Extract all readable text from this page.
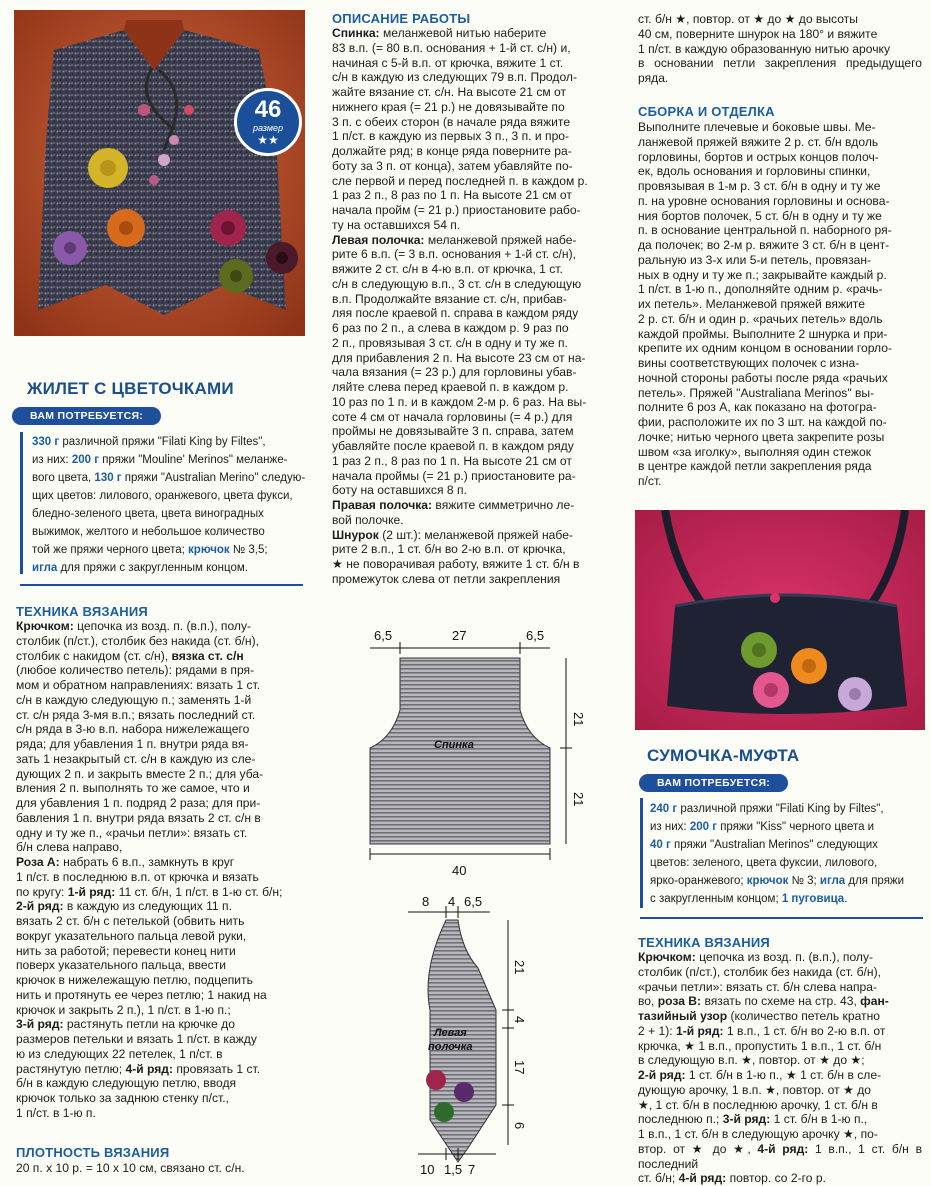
46
размер
★★
ЖИЛЕТ С ЦВЕТОЧКАМИ
ВАМ ПОТРЕБУЕТСЯ:
330 г различной пряжи "Filati King by Filtes",
из них: 200 г пряжи "Mouline' Merinos" меланже-
вого цвета, 130 г пряжи "Australian Merino" следую-
щих цветов: лилового, оранжевого, цвета фукси,
бледно-зеленого цвета, цвета виноградных
выжимок, желтого и небольшое количество
той же пряжи черного цвета; крючок № 3,5;
игла для пряжи с закругленным концом.
ТЕХНИКА ВЯЗАНИЯ

Крючком: цепочка из возд. п. (в.п.), полу-

столбик (п/ст.), столбик без накида (ст. б/н),

столбик с накидом (ст. с/н), вязка ст. с/н

(любое количество петель): рядами в пря-

мом и обратном направлениях: вязать 1 ст.

с/н в каждую следующую п.; заменять 1-й

ст. с/н ряда 3-мя в.п.; вязать последний ст.

с/н ряда в 3-ю в.п. набора нижележащего

ряда; для убавления 1 п. внутри ряда вя-

зать 1 незакрытый ст. с/н в каждую из сле-

дующих 2 п. и закрыть вместе 2 п.; для уба-

вления 2 п. выполнять то же самое, что и

для убавления 1 п. подряд 2 раза; для при-

бавления 1 п. внутри ряда вязать 2 ст. с/н в

одну и ту же п., «рачьи петли»: вязать ст.

б/н слева направо,

Роза А: набрать 6 в.п., замкнуть в круг

1 п/ст. в последнюю в.п. от крючка и вязать

по кругу: 1-й ряд: 11 ст. б/н, 1 п/ст. в 1-ю ст. б/н;

2-й ряд: в каждую из следующих 11 п.

вязать 2 ст. б/н с петелькой (обвить нить

вокруг указательного пальца левой руки,

нить за работой; перевести конец нити

поверх указательного пальца, ввести

крючок в нижележащую петлю, подцепить

нить и протянуть ее через петлю; 1 накид на

крючок и закрыть 2 п.), 1 п/ст. в 1-ю п.;

3-й ряд: растянуть петли на крючке до

размеров петельки и вязать 1 п/ст. в кажду

ю из следующих 22 петелек, 1 п/ст. в

растянутую петлю; 4-й ряд: провязать 1 ст.

б/н в каждую следующую петлю, вводя

крючок только за заднюю стенку п/ст.,

1 п/ст. в 1-ю п.

ПЛОТНОСТЬ ВЯЗАНИЯ
20 п. х 10 р. = 10 х 10 см, связано ст. с/н.
ОПИСАНИЕ РАБОТЫ

Спинка: меланжевой нитью наберите

83 в.п. (= 80 в.п. основания + 1-й ст. с/н) и,

начиная с 5-й в.п. от крючка, вяжите 1 ст.

с/н в каждую из следующих 79 в.п. Продол-

жайте вязание ст. с/н. На высоте 21 см от

нижнего края (= 21 р.) не довязывайте по

3 п. с обеих сторон (в начале ряда вяжите

1 п/ст. в каждую из первых 3 п., 3 п. и про-

должайте ряд; в конце ряда поверните ра-

боту за 3 п. от конца), затем убавляйте по-

сле первой и перед последней п. в каждом р.

1 раз 2 п., 8 раз по 1 п. На высоте 21 см от

начала пройм (= 21 р.) приостановите рабо-

ту на оставшихся 54 п.

Левая полочка: меланжевой пряжей набе-

рите 6 в.п. (= 3 в.п. основания + 1-й ст. с/н),

вяжите 2 ст. с/н в 4-ю в.п. от крючка, 1 ст.

с/н в следующую в.п., 3 ст. с/н в следующую

в.п. Продолжайте вязание ст. с/н, прибав-

ляя после краевой п. справа в каждом ряду

6 раз по 2 п., а слева в каждом р. 9 раз по

2 п., провязывая 3 ст. с/н в одну и ту же п.

для прибавления 2 п. На высоте 23 см от на-

чала вязания (= 23 р.) для горловины убав-

ляйте слева перед краевой п. в каждом р.

10 раз по 1 п. и в каждом 2-м р. 6 раз. На вы-

соте 4 см от начала горловины (= 4 р.) для

проймы не довязывайте 3 п. справа, затем

убавляйте после краевой п. в каждом ряду

1 раз 2 п., 8 раз по 1 п. На высоте 21 см от

начала проймы (= 21 р.) приостановите ра-

боту на оставшихся 8 п.

Правая полочка: вяжите симметрично ле-

вой полочке.

Шнурок (2 шт.): меланжевой пряжей набе-

рите 2 в.п., 1 ст. б/н во 2-ю в.п. от крючка,

★ не поворачивая работу, вяжите 1 ст. б/н в

промежуток слева от петли закрепления

6,5	27	6,5
Спинка
21
21
40
8 4 6,5
Левая
полочка
21
4
17
6
10 1,5 7

ст. б/н ★, повтор. от ★ до ★ до высоты

40 см, поверните шнурок на 180° и вяжите

1 п/ст. в каждую образованную нитью арочку

в основании петли закрепления предыдущего ряда.

СБОРКА И ОТДЕЛКА

Выполните плечевые и боковые швы. Ме-

ланжевой пряжей вяжите 2 р. ст. б/н вдоль

горловины, бортов и острых концов полоч-

ек, вдоль основания и горловины спинки,

провязывая в 1-м р. 3 ст. б/н в одну и ту же

п. на уровне основания горловины и основа-

ния бортов полочек, 5 ст. б/н в одну и ту же

п. в основание центральной п. наборного ря-

да полочек; во 2-м р. вяжите 3 ст. б/н в цент-

ральную из 3-х или 5-и петель, провязан-

ных в одну и ту же п.; закрывайте каждый р.

1 п/ст. в 1-ю п., дополняйте одним р. «рачь-

их петель». Меланжевой пряжей вяжите

2 р. ст. б/н и один р. «рачьих петель» вдоль

каждой проймы. Выполните 2 шнурка и при-

крепите их одним концом в основании горло-

вины соответствующих полочек с изна-

ночной стороны работы после ряда «рачьих

петель». Пряжей "Australiana Merinos" вы-

полните 6 роз А, как показано на фотогра-

фии, расположите их по 3 шт. на каждой по-

лочке; нитью черного цвета закрепите розы

швом «за иголку», выполняя один стежок

в центре каждой петли закрепления ряда

п/ст.

СУМОЧКА-МУФТА
ВАМ ПОТРЕБУЕТСЯ:
240 г различной пряжи "Filati King by Filtes",
из них: 200 г пряжи "Kiss" черного цвета и
40 г пряжи "Australian Merinos" следующих
цветов: зеленого, цвета фуксии, лилового,
ярко-оранжевого; крючок № 3; игла для пряжи
с закругленным концом; 1 пуговица.
ТЕХНИКА ВЯЗАНИЯ

Крючком: цепочка из возд. п. (в.п.), полу-

столбик (п/ст.), столбик без накида (ст. б/н),

«рачьи петли»: вязать ст. б/н слева напра-

во, роза В: вязать по схеме на стр. 43, фан-

тазийный узор (количество петель кратно

2 + 1): 1-й ряд: 1 в.п., 1 ст. б/н во 2-ю в.п. от

крючка, ★ 1 в.п., пропустить 1 в.п., 1 ст. б/н

в следующую в.п. ★, повтор. от ★ до ★;

2-й ряд: 1 ст. б/н в 1-ю п., ★ 1 ст. б/н в сле-

дующую арочку, 1 в.п. ★, повтор. от ★ до

★, 1 ст. б/н в последнюю арочку, 1 ст. б/н в

последнюю п.; 3-й ряд: 1 ст. б/н в 1-ю п.,

1 в.п., 1 ст. б/н в следующую арочку ★, по-

втор. от ★ до ★, 4-й ряд: 1 в.п., 1 ст. б/н в последний

ст. б/н; 4-й ряд: повтор. со 2-го р.
